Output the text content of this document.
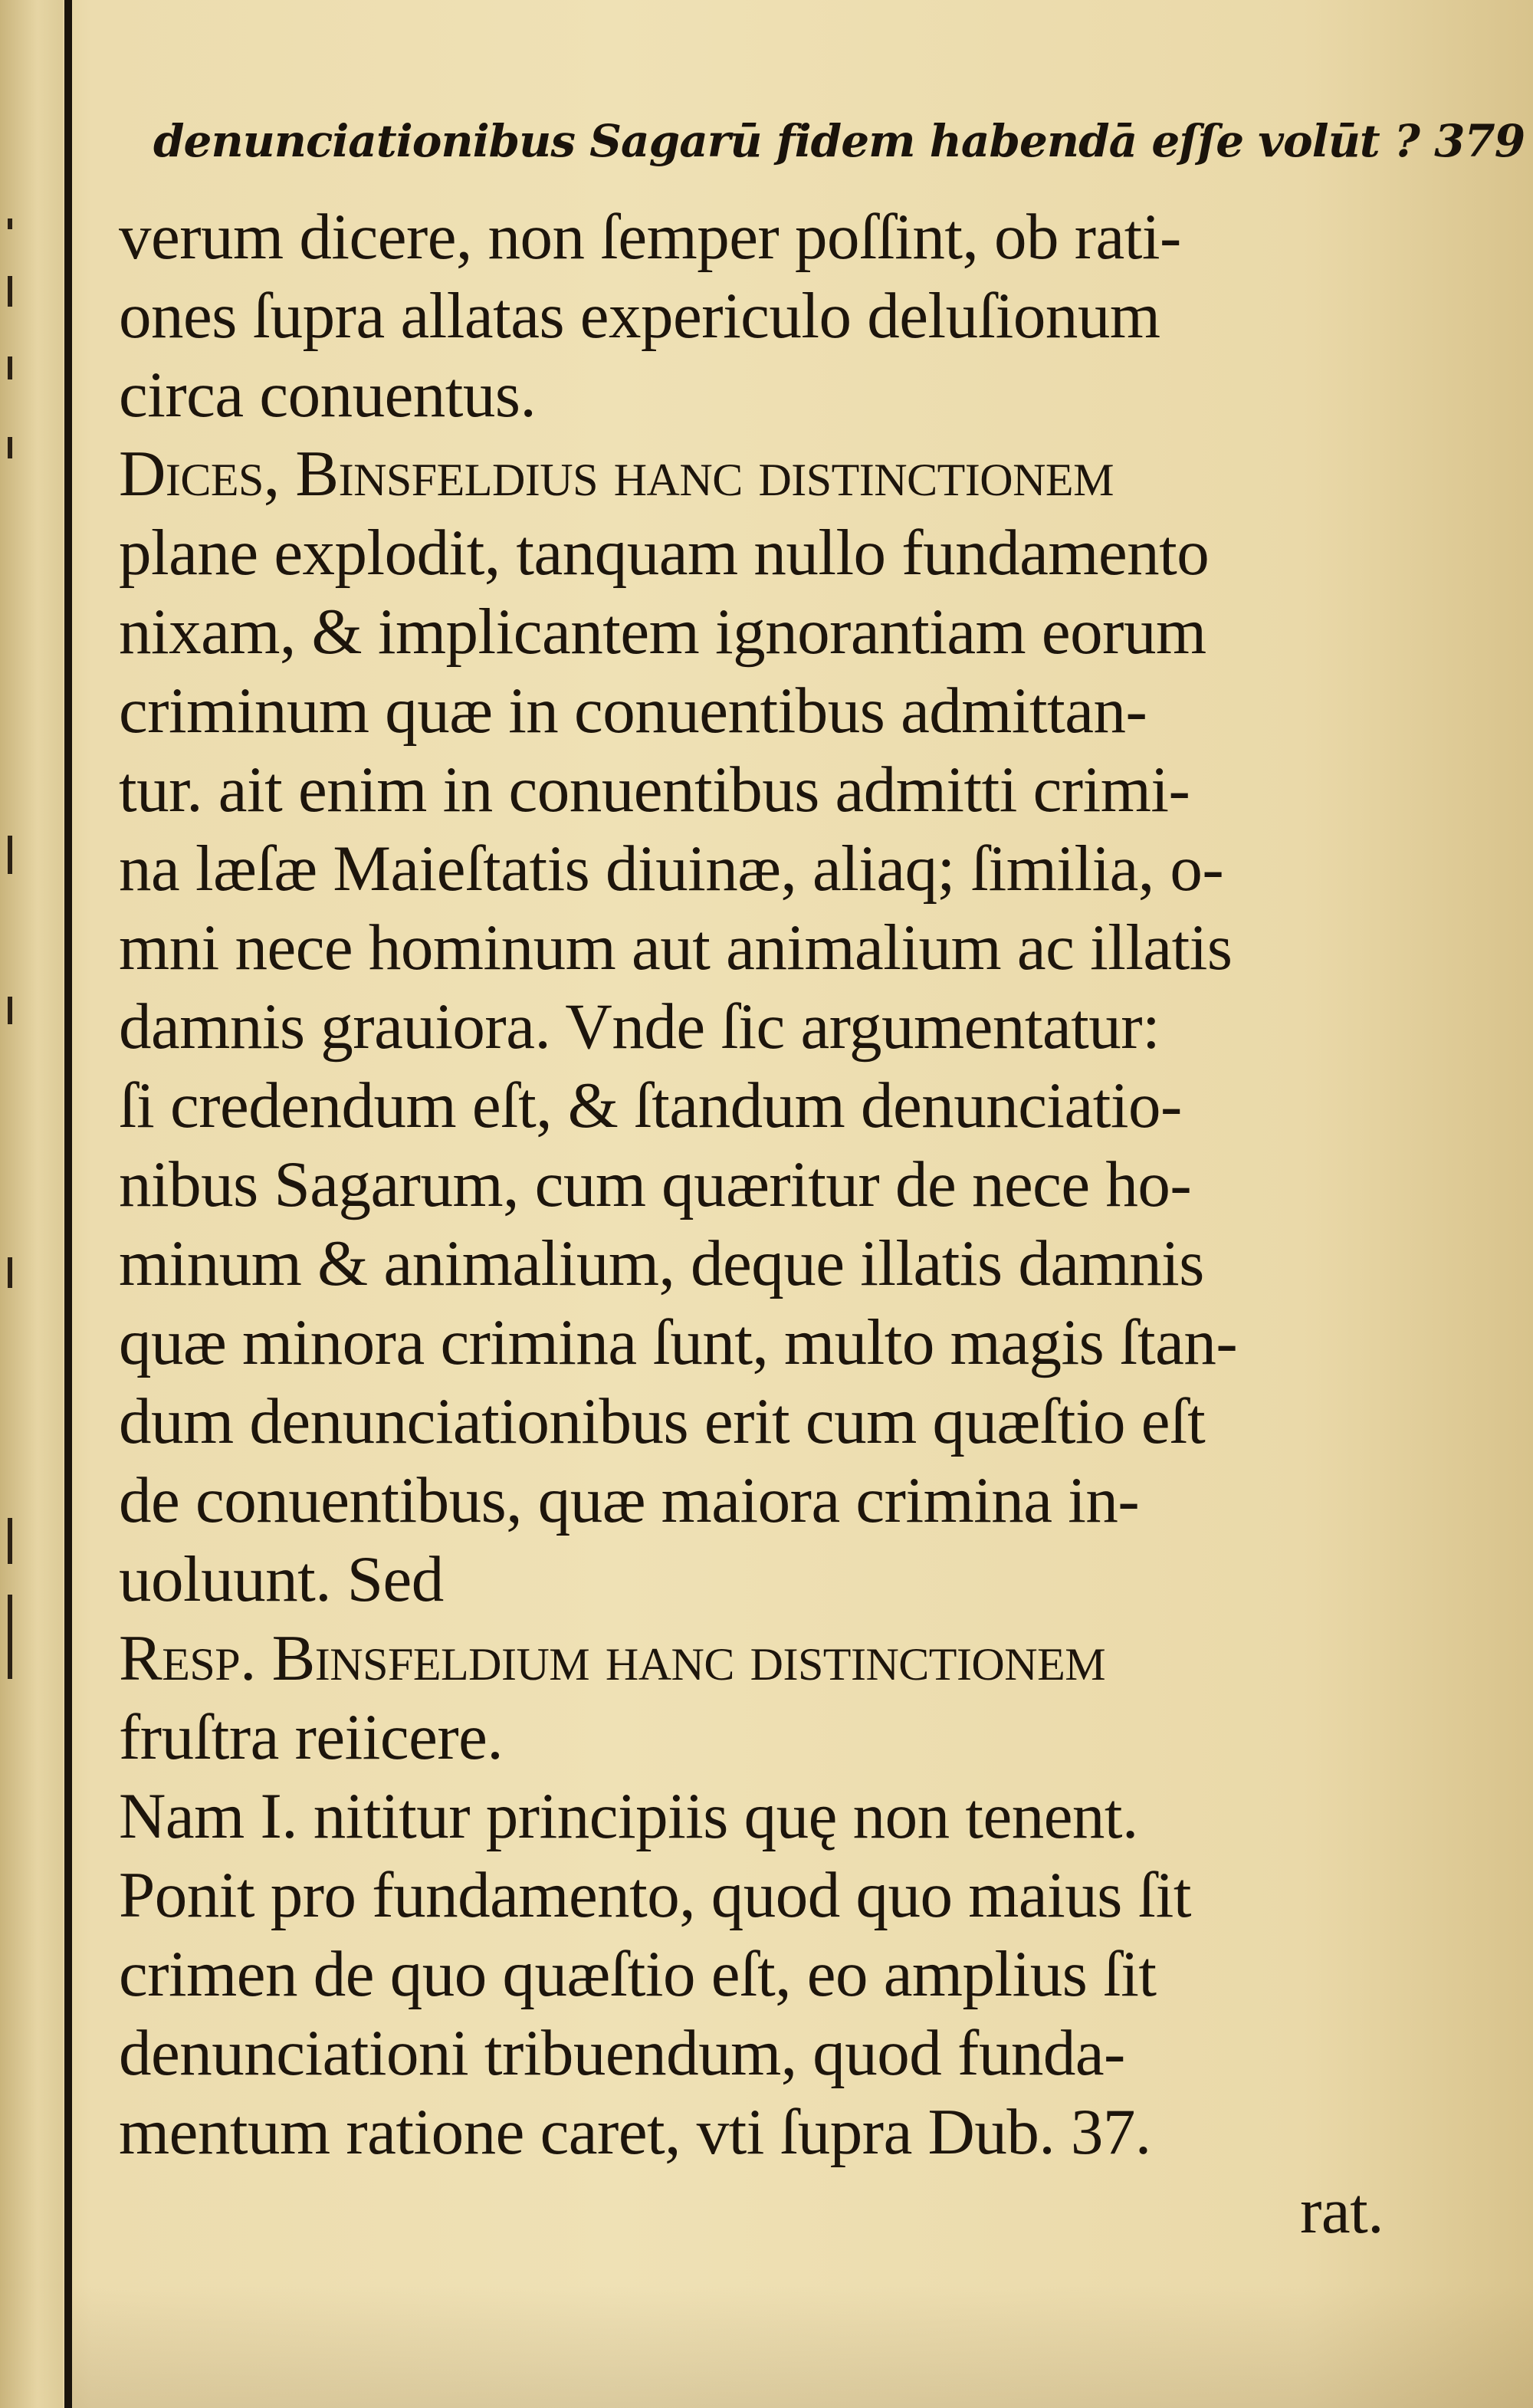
denunciationibus Sagarū fidem habendā eſſe volūt ? 379
verum dicere, non ſemper poſſint, ob rati-
ones ſupra allatas expericulo deluſionum
circa conuentus.
Dices, Binsfeldius hanc diſtinctionem
plane explodit, tanquam nullo fundamento
nixam, & implicantem ignorantiam eorum
criminum quæ in conuentibus admittan-
tur. ait enim in conuentibus admitti crimi-
na læſæ Maieſtatis diuinæ, aliaq; ſimilia, o-
mni nece hominum aut animalium ac illatis
damnis grauiora. Vnde ſic argumentatur:
ſi credendum eſt, & ſtandum denunciatio-
nibus Sagarum, cum quæritur de nece ho-
minum & animalium, deque illatis damnis
quæ minora crimina ſunt, multo magis ſtan-
dum denunciationibus erit cum quæſtio eſt
de conuentibus, quæ maiora crimina in-
uoluunt. Sed
Resp. Binsfeldium hanc diſtinctionem
fruſtra reiicere.
Nam I. nititur principiis quę non tenent.
Ponit pro fundamento, quod quo maius ſit
crimen de quo quæſtio eſt, eo amplius ſit
denunciationi tribuendum, quod funda-
mentum ratione caret, vti ſupra Dub. 37.
rat.
